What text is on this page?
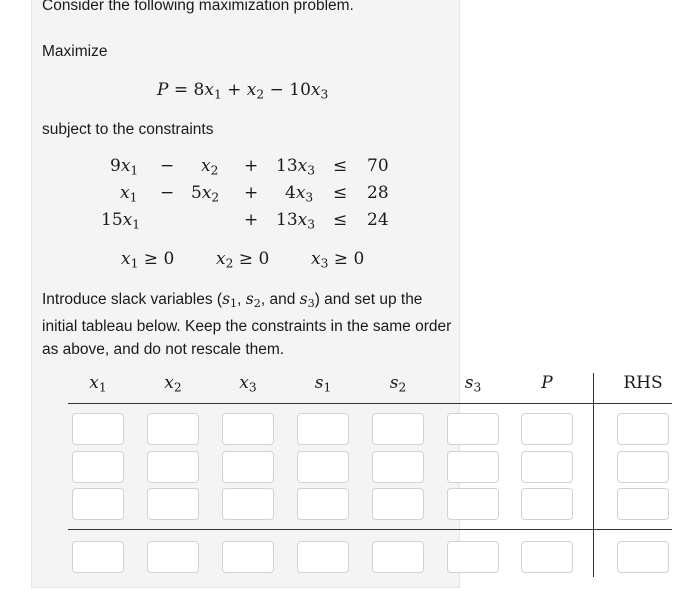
Consider the following maximization problem.
Maximize
$P = 8x_1 + x_2 - 10x_3$
subject to the constraints
$9x_1 - x_2 + 13x_3 \le 70$
$x_1 - 5x_2 + 4x_3 \le 28$
$15x_1$	+ $13x_3 \le 24$
$x_1 \ge 0$ $x_2 \ge 0$ $x_3 \ge 0$
Introduce slack variables ($s_1$, $s_2$, and $s_3$) and set up the initial tableau below. Keep the constraints in the same order as above, and do not rescale them.
$x_1$	$x_2$	$x_3$	$s_1$	$s_2$	$s_3$	P	RHS
